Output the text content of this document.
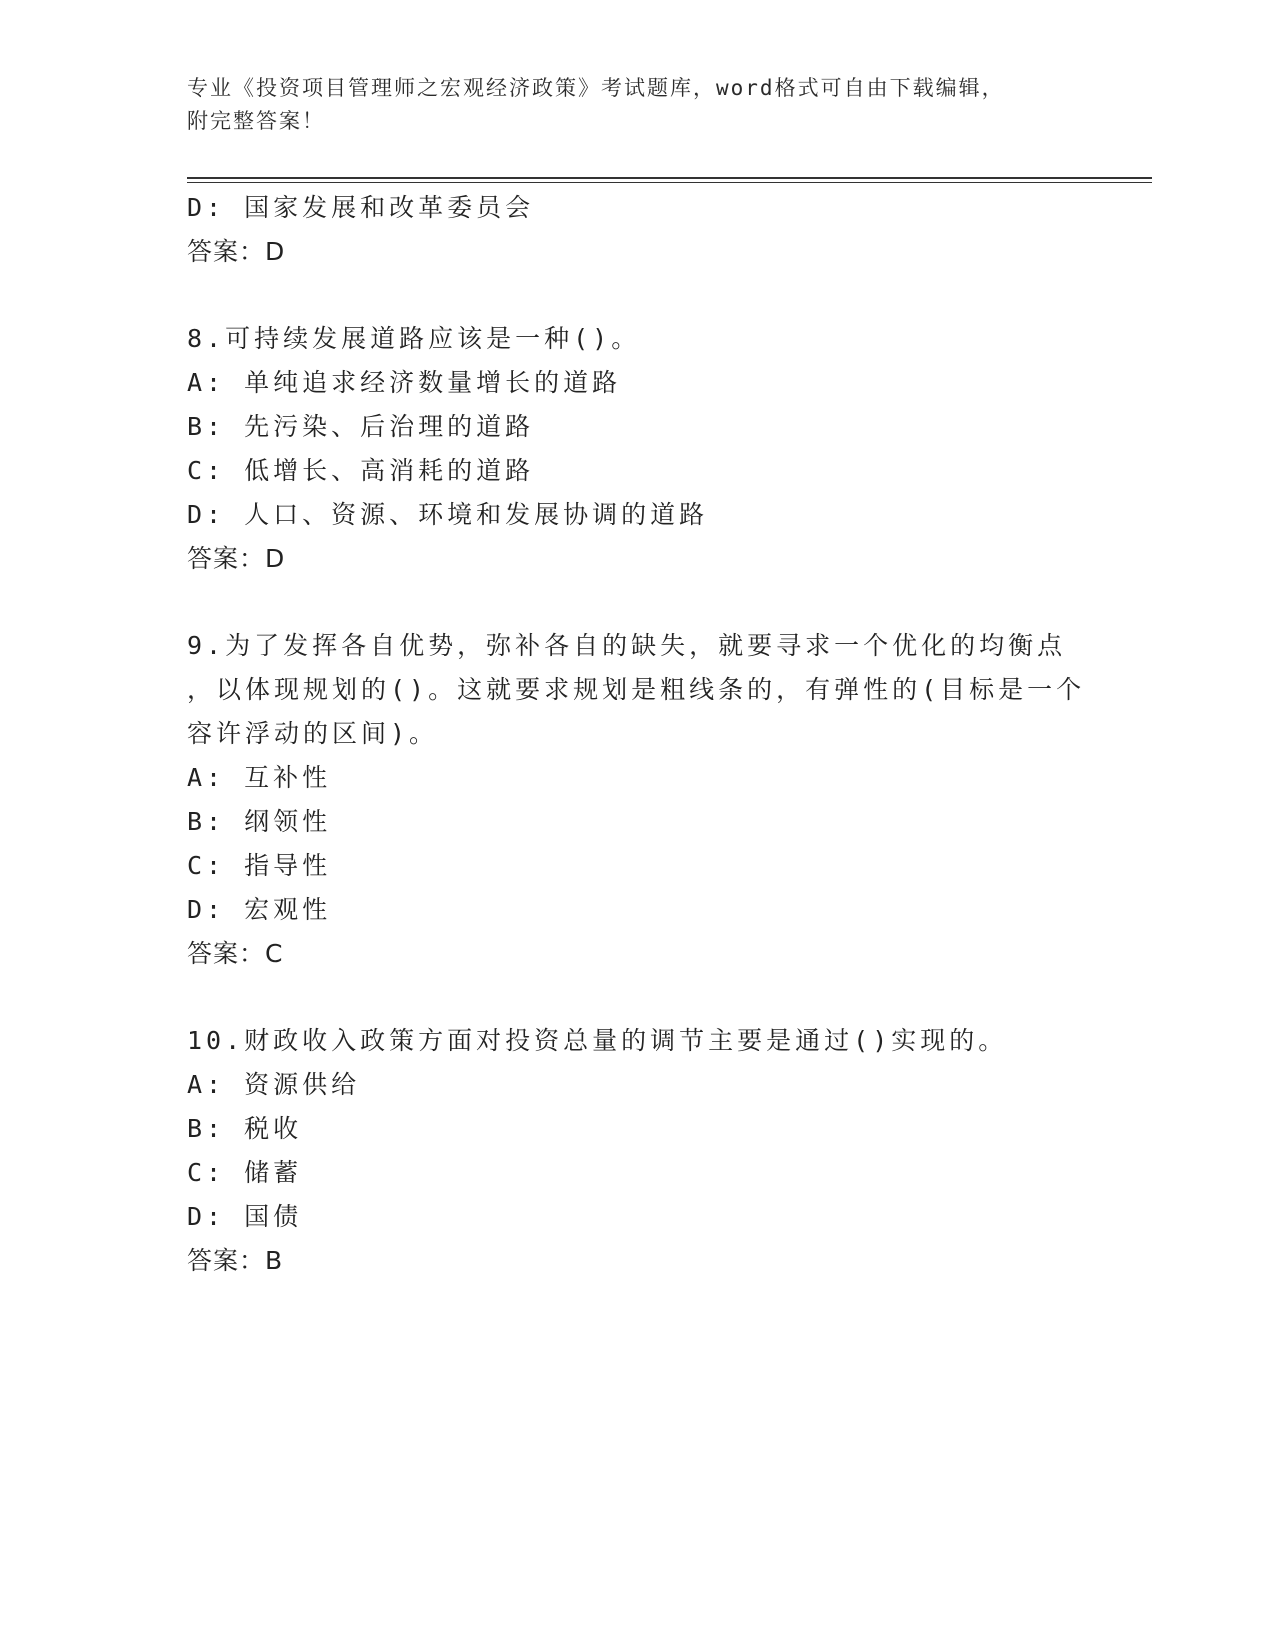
专业《投资项目管理师之宏观经济政策》考试题库，word格式可自由下载编辑，
附完整答案！
D: 国家发展和改革委员会
答案：D
8.可持续发展道路应该是一种()。
A: 单纯追求经济数量增长的道路
B: 先污染、后治理的道路
C: 低增长、高消耗的道路
D: 人口、资源、环境和发展协调的道路
答案：D
9.为了发挥各自优势，弥补各自的缺失，就要寻求一个优化的均衡点
，以体现规划的()。这就要求规划是粗线条的，有弹性的(目标是一个
容许浮动的区间)。
A: 互补性
B: 纲领性
C: 指导性
D: 宏观性
答案：C
10.财政收入政策方面对投资总量的调节主要是通过()实现的。
A: 资源供给
B: 税收
C: 储蓄
D: 国债
答案：B
